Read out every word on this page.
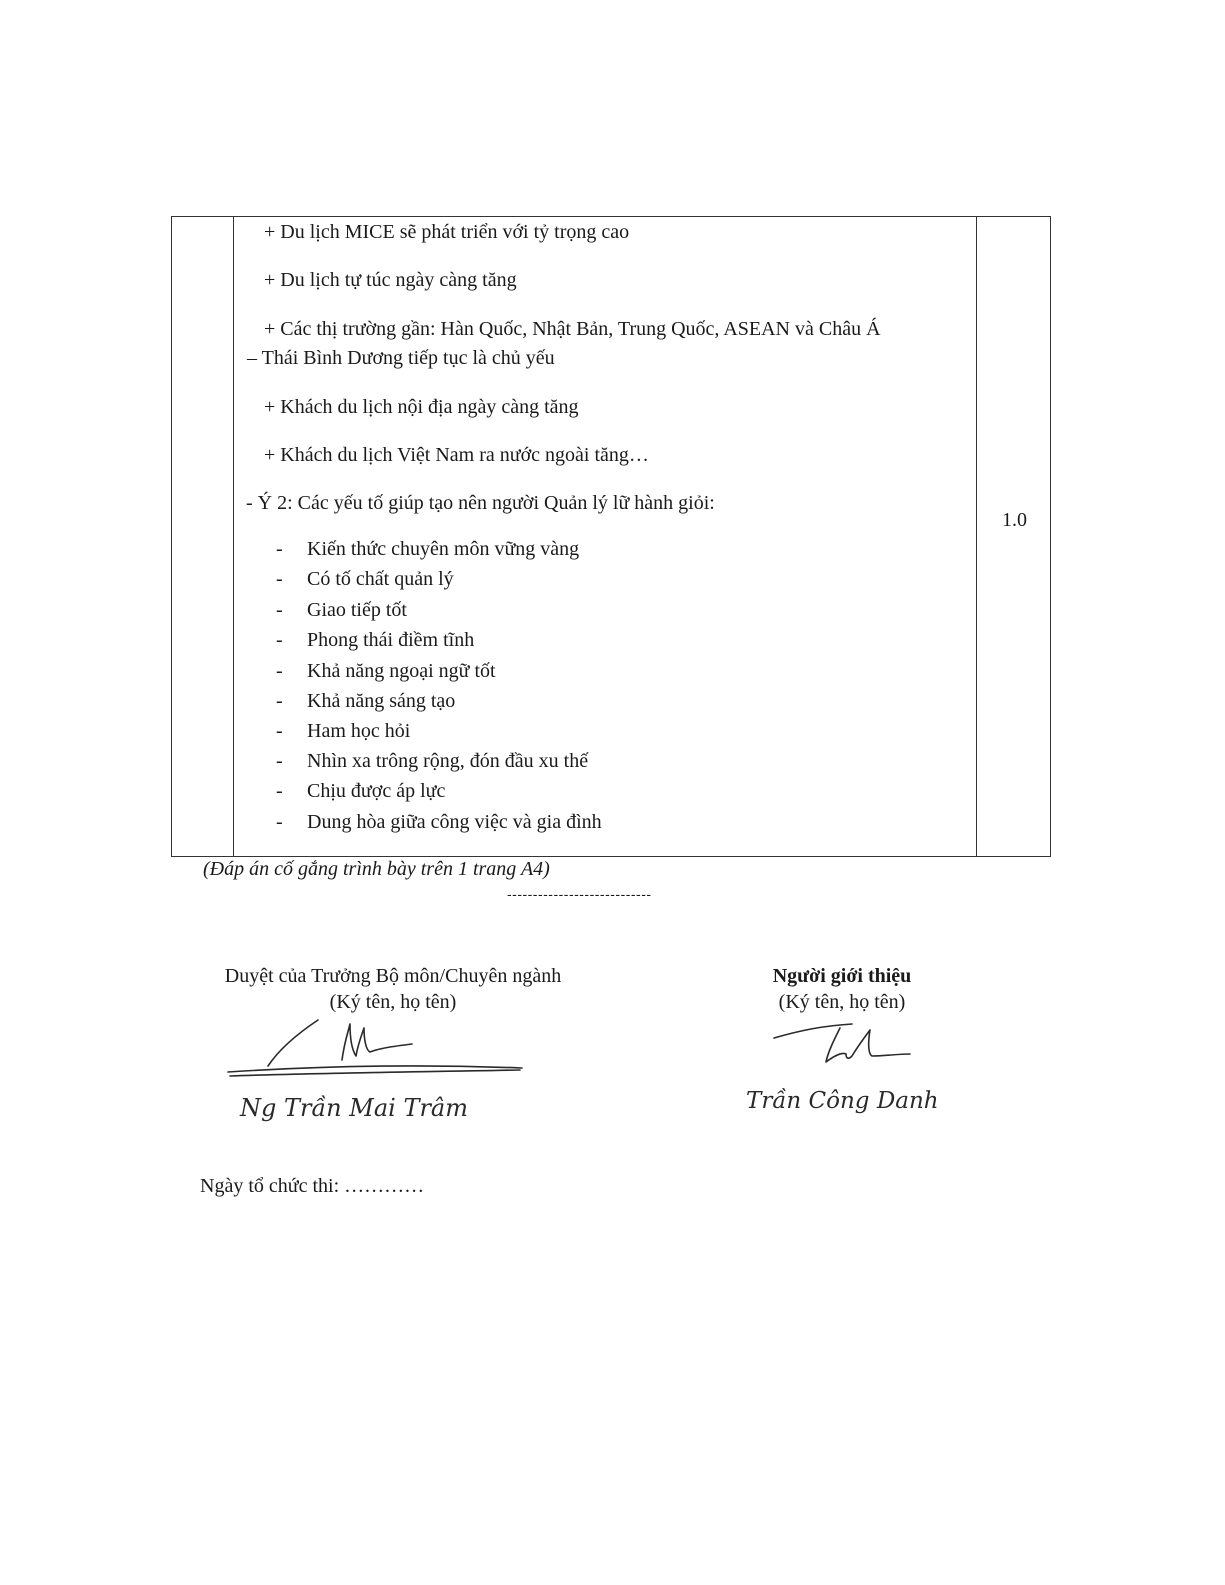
+ Du lịch MICE sẽ phát triển với tỷ trọng cao
+ Du lịch tự túc ngày càng tăng
+ Các thị trường gần: Hàn Quốc, Nhật Bản, Trung Quốc, ASEAN và Châu Á
– Thái Bình Dương tiếp tục là chủ yếu
+ Khách du lịch nội địa ngày càng tăng
+ Khách du lịch Việt Nam ra nước ngoài tăng…
- Ý 2: Các yếu tố giúp tạo nên người Quản lý lữ hành giỏi:
- Kiến thức chuyên môn vững vàng
- Có tố chất quản lý
- Giao tiếp tốt
- Phong thái điềm tĩnh
- Khả năng ngoại ngữ tốt
- Khả năng sáng tạo
- Ham học hỏi
- Nhìn xa trông rộng, đón đầu xu thế
- Chịu được áp lực
- Dung hòa giữa công việc và gia đình
1.0
(Đáp án cố gắng trình bày trên 1 trang A4)
----------------------------
Duyệt của Trưởng Bộ môn/Chuyên ngành
(Ký tên, họ tên)
Ng Trần Mai Trâm
Người giới thiệu
(Ký tên, họ tên)
Trần Công Danh
Ngày tổ chức thi: …………
